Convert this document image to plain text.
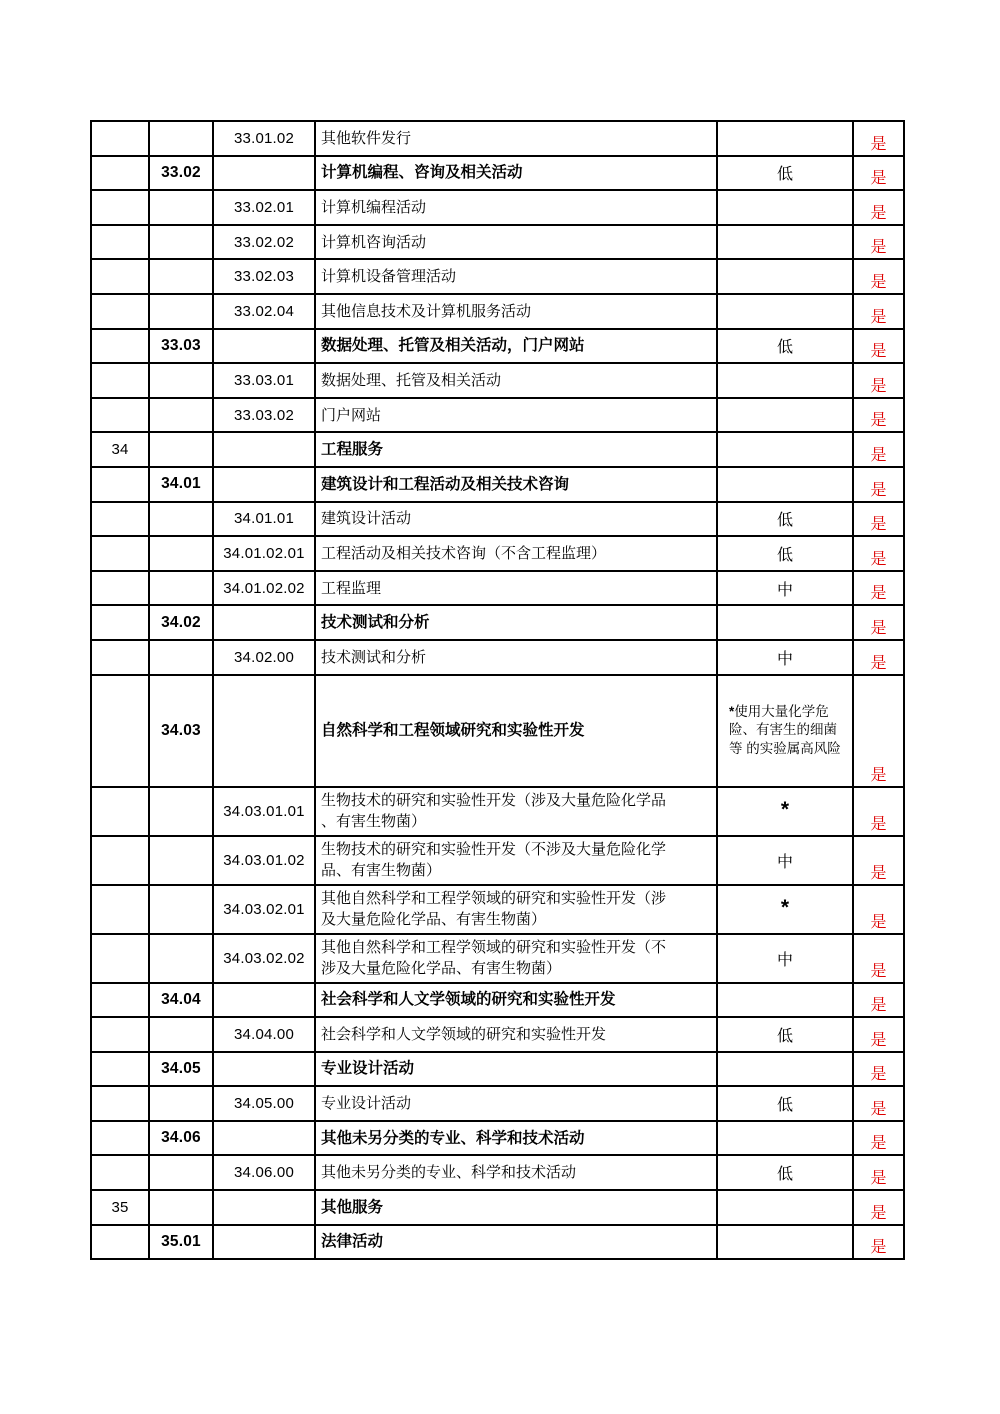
		33.01.02	其他软件发行		是
	33.02		计算机编程、咨询及相关活动	低	是
		33.02.01	计算机编程活动		是
		33.02.02	计算机咨询活动		是
		33.02.03	计算机设备管理活动		是
		33.02.04	其他信息技术及计算机服务活动		是
	33.03		数据处理、托管及相关活动，门户网站	低	是
		33.03.01	数据处理、托管及相关活动		是
		33.03.02	门户网站		是
34			工程服务		是
	34.01		建筑设计和工程活动及相关技术咨询		是
		34.01.01	建筑设计活动	低	是
		34.01.02.01	工程活动及相关技术咨询（不含工程监理）	低	是
		34.01.02.02	工程监理	中	是
	34.02		技术测试和分析		是
		34.02.00	技术测试和分析	中	是
	34.03		自然科学和工程领域研究和实验性开发	*使用大量化学危险、有害生的细菌等 的实验属高风险	是
		34.03.01.01	生物技术的研究和实验性开发（涉及大量危险化学品、有害生物菌）	*	是
		34.03.01.02	生物技术的研究和实验性开发（不涉及大量危险化学品、有害生物菌）	中	是
		34.03.02.01	其他自然科学和工程学领域的研究和实验性开发（涉及大量危险化学品、有害生物菌）	*	是
		34.03.02.02	其他自然科学和工程学领域的研究和实验性开发（不涉及大量危险化学品、有害生物菌）	中	是
	34.04		社会科学和人文学领域的研究和实验性开发		是
		34.04.00	社会科学和人文学领域的研究和实验性开发	低	是
	34.05		专业设计活动		是
		34.05.00	专业设计活动	低	是
	34.06		其他未另分类的专业、科学和技术活动		是
		34.06.00	其他未另分类的专业、科学和技术活动	低	是
35			其他服务		是
	35.01		法律活动		是
